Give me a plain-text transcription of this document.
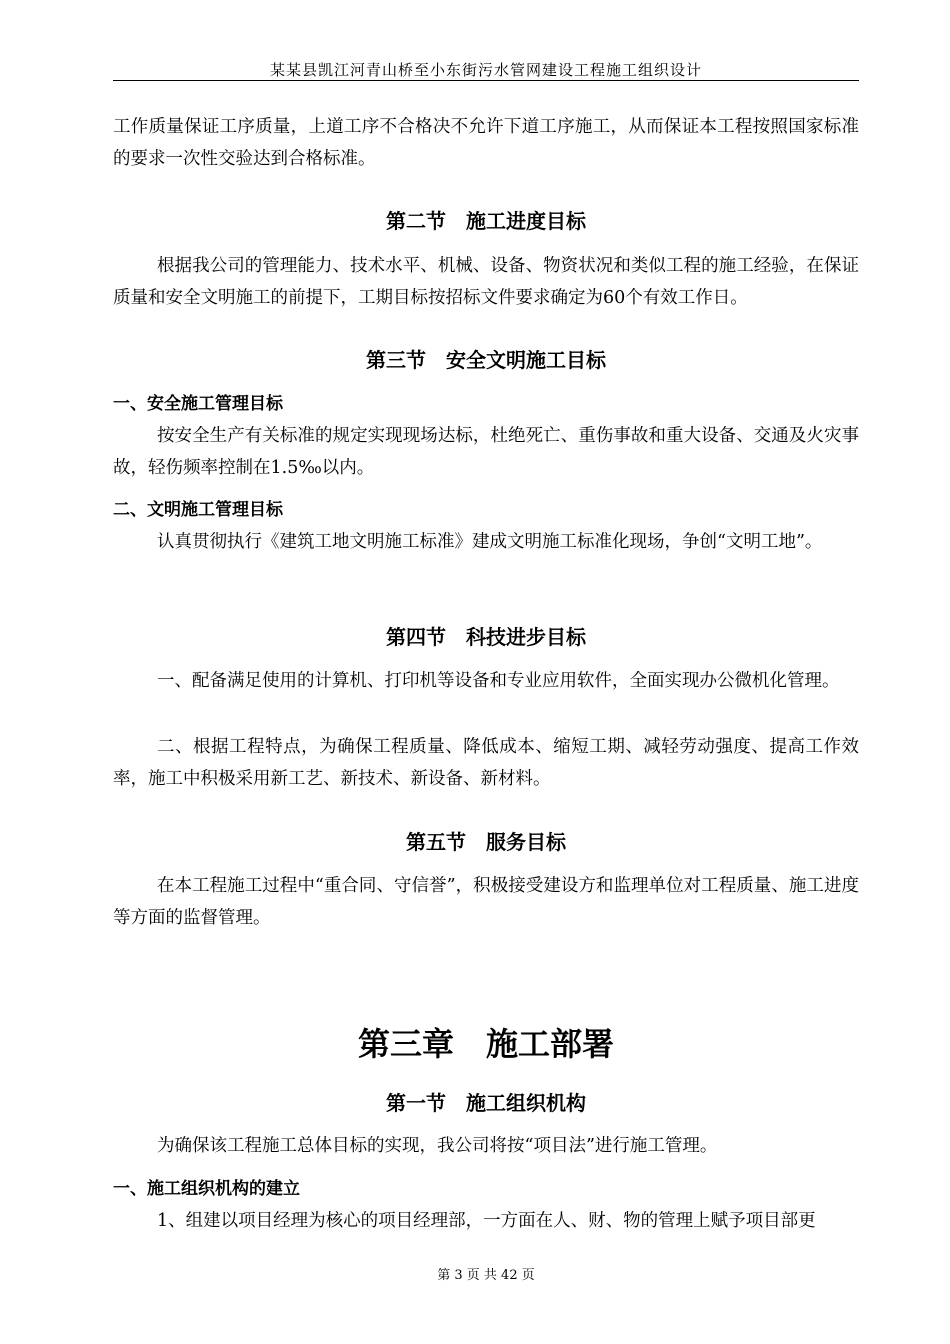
某某县凯江河青山桥至小东街污水管网建设工程施工组织设计

工作质量保证工序质量，上道工序不合格决不允许下道工序施工，从而保证本工程按照国家标准的要求一次性交验达到合格标准。

第二节　施工进度目标

根据我公司的管理能力、技术水平、机械、设备、物资状况和类似工程的施工经验，在保证质量和安全文明施工的前提下，工期目标按招标文件要求确定为60个有效工作日。

第三节　安全文明施工目标
一、安全施工管理目标

按安全生产有关标准的规定实现现场达标，杜绝死亡、重伤事故和重大设备、交通及火灾事故，轻伤频率控制在1.5‰以内。

二、文明施工管理目标

认真贯彻执行《建筑工地文明施工标准》建成文明施工标准化现场，争创“文明工地”。

第四节　科技进步目标

一、配备满足使用的计算机、打印机等设备和专业应用软件，全面实现办公微机化管理。

二、根据工程特点，为确保工程质量、降低成本、缩短工期、减轻劳动强度、提高工作效率，施工中积极采用新工艺、新技术、新设备、新材料。

第五节　服务目标

在本工程施工过程中“重合同、守信誉”，积极接受建设方和监理单位对工程质量、施工进度等方面的监督管理。

第三章　施工部署
第一节　施工组织机构

为确保该工程施工总体目标的实现，我公司将按“项目法”进行施工管理。

一、施工组织机构的建立

1、组建以项目经理为核心的项目经理部，一方面在人、财、物的管理上赋予项目部更

第 3 页 共 42 页
